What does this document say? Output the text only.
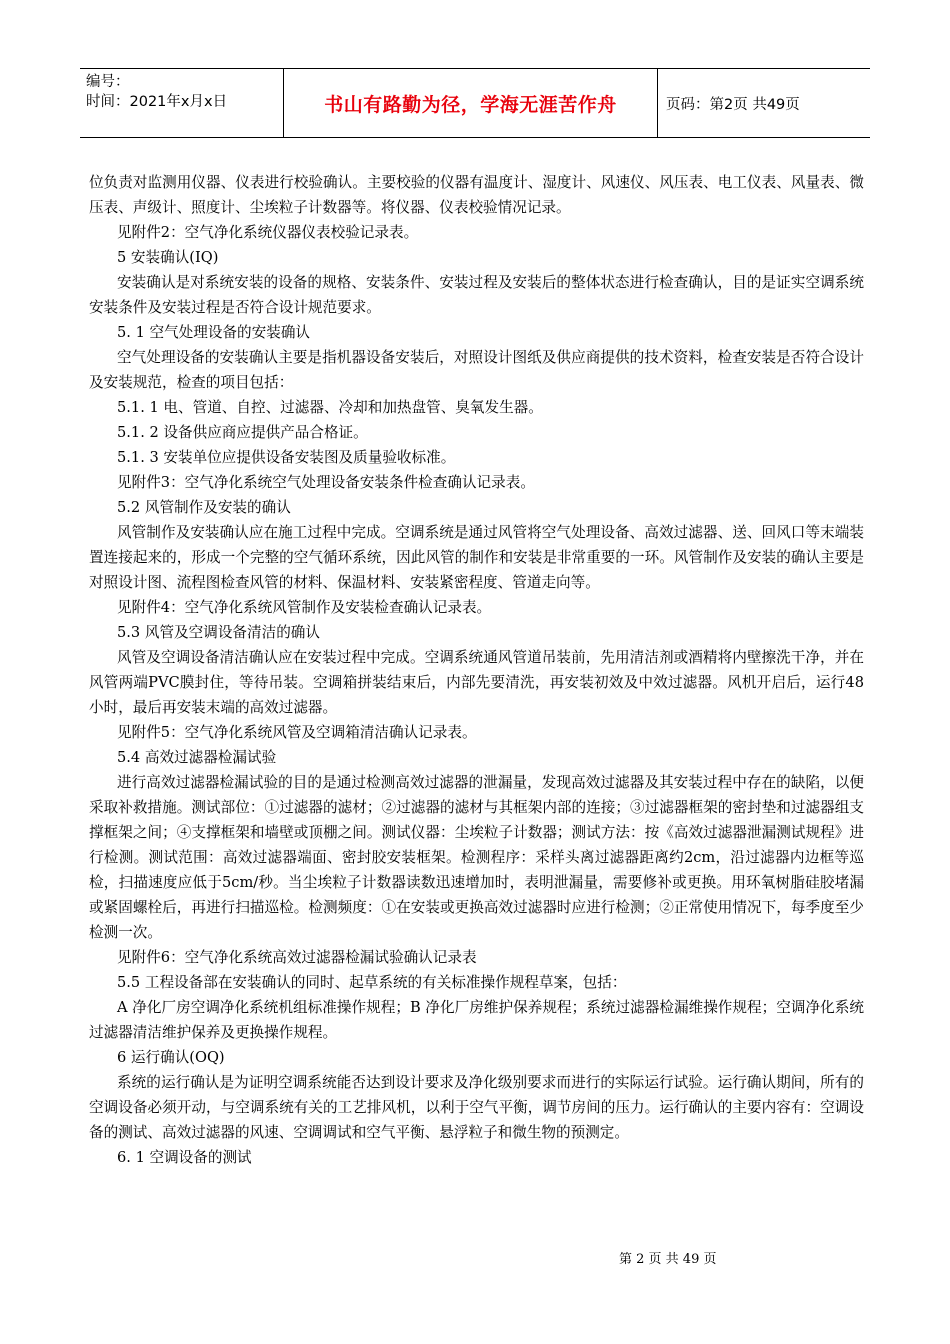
编号：
时间：2021年x月x日	书山有路勤为径，学海无涯苦作舟	页码：第2页 共49页

位负责对监测用仪器、仪表进行校验确认。主要校验的仪器有温度计、湿度计、风速仪、风压表、电工仪表、风量表、微压表、声级计、照度计、尘埃粒子计数器等。将仪器、仪表校验情况记录。

见附件2：空气净化系统仪器仪表校验记录表。

5 安装确认(IQ)

安装确认是对系统安装的设备的规格、安装条件、安装过程及安装后的整体状态进行检查确认，目的是证实空调系统安装条件及安装过程是否符合设计规范要求。

5. 1 空气处理设备的安装确认

空气处理设备的安装确认主要是指机器设备安装后，对照设计图纸及供应商提供的技术资料，检查安装是否符合设计及安装规范，检查的项目包括：

5.1. 1 电、管道、自控、过滤器、冷却和加热盘管、臭氧发生器。

5.1. 2 设备供应商应提供产品合格证。

5.1. 3 安装单位应提供设备安装图及质量验收标准。

见附件3：空气净化系统空气处理设备安装条件检查确认记录表。

5.2 风管制作及安装的确认

风管制作及安装确认应在施工过程中完成。空调系统是通过风管将空气处理设备、高效过滤器、送、回风口等末端装置连接起来的，形成一个完整的空气循环系统，因此风管的制作和安装是非常重要的一环。风管制作及安装的确认主要是对照设计图、流程图检查风管的材料、保温材料、安装紧密程度、管道走向等。

见附件4：空气净化系统风管制作及安装检查确认记录表。

5.3 风管及空调设备清洁的确认

风管及空调设备清洁确认应在安装过程中完成。空调系统通风管道吊装前，先用清洁剂或酒精将内壁擦洗干净，并在风管两端PVC膜封住，等待吊装。空调箱拼装结束后，内部先要清洗，再安装初效及中效过滤器。风机开启后，运行48小时，最后再安装末端的高效过滤器。

见附件5：空气净化系统风管及空调箱清洁确认记录表。

5.4 高效过滤器检漏试验

进行高效过滤器检漏试验的目的是通过检测高效过滤器的泄漏量，发现高效过滤器及其安装过程中存在的缺陷，以便采取补救措施。测试部位：①过滤器的滤材；②过滤器的滤材与其框架内部的连接；③过滤器框架的密封垫和过滤器组支撑框架之间；④支撑框架和墙壁或顶棚之间。测试仪器：尘埃粒子计数器；测试方法：按《高效过滤器泄漏测试规程》进行检测。测试范围：高效过滤器端面、密封胶安装框架。检测程序：采样头离过滤器距离约2cm，沿过滤器内边框等巡检，扫描速度应低于5cm/秒。当尘埃粒子计数器读数迅速增加时，表明泄漏量，需要修补或更换。用环氧树脂硅胶堵漏或紧固螺栓后，再进行扫描巡检。检测频度：①在安装或更换高效过滤器时应进行检测；②正常使用情况下，每季度至少检测一次。

见附件6：空气净化系统高效过滤器检漏试验确认记录表

5.5 工程设备部在安装确认的同时、起草系统的有关标准操作规程草案，包括：

A 净化厂房空调净化系统机组标准操作规程；B 净化厂房维护保养规程；系统过滤器检漏维操作规程；空调净化系统过滤器清洁维护保养及更换操作规程。

6 运行确认(OQ)

系统的运行确认是为证明空调系统能否达到设计要求及净化级别要求而进行的实际运行试验。运行确认期间，所有的空调设备必须开动，与空调系统有关的工艺排风机，以利于空气平衡，调节房间的压力。运行确认的主要内容有：空调设备的测试、高效过滤器的风速、空调调试和空气平衡、悬浮粒子和微生物的预测定。

6. 1 空调设备的测试

第 2 页 共 49 页
